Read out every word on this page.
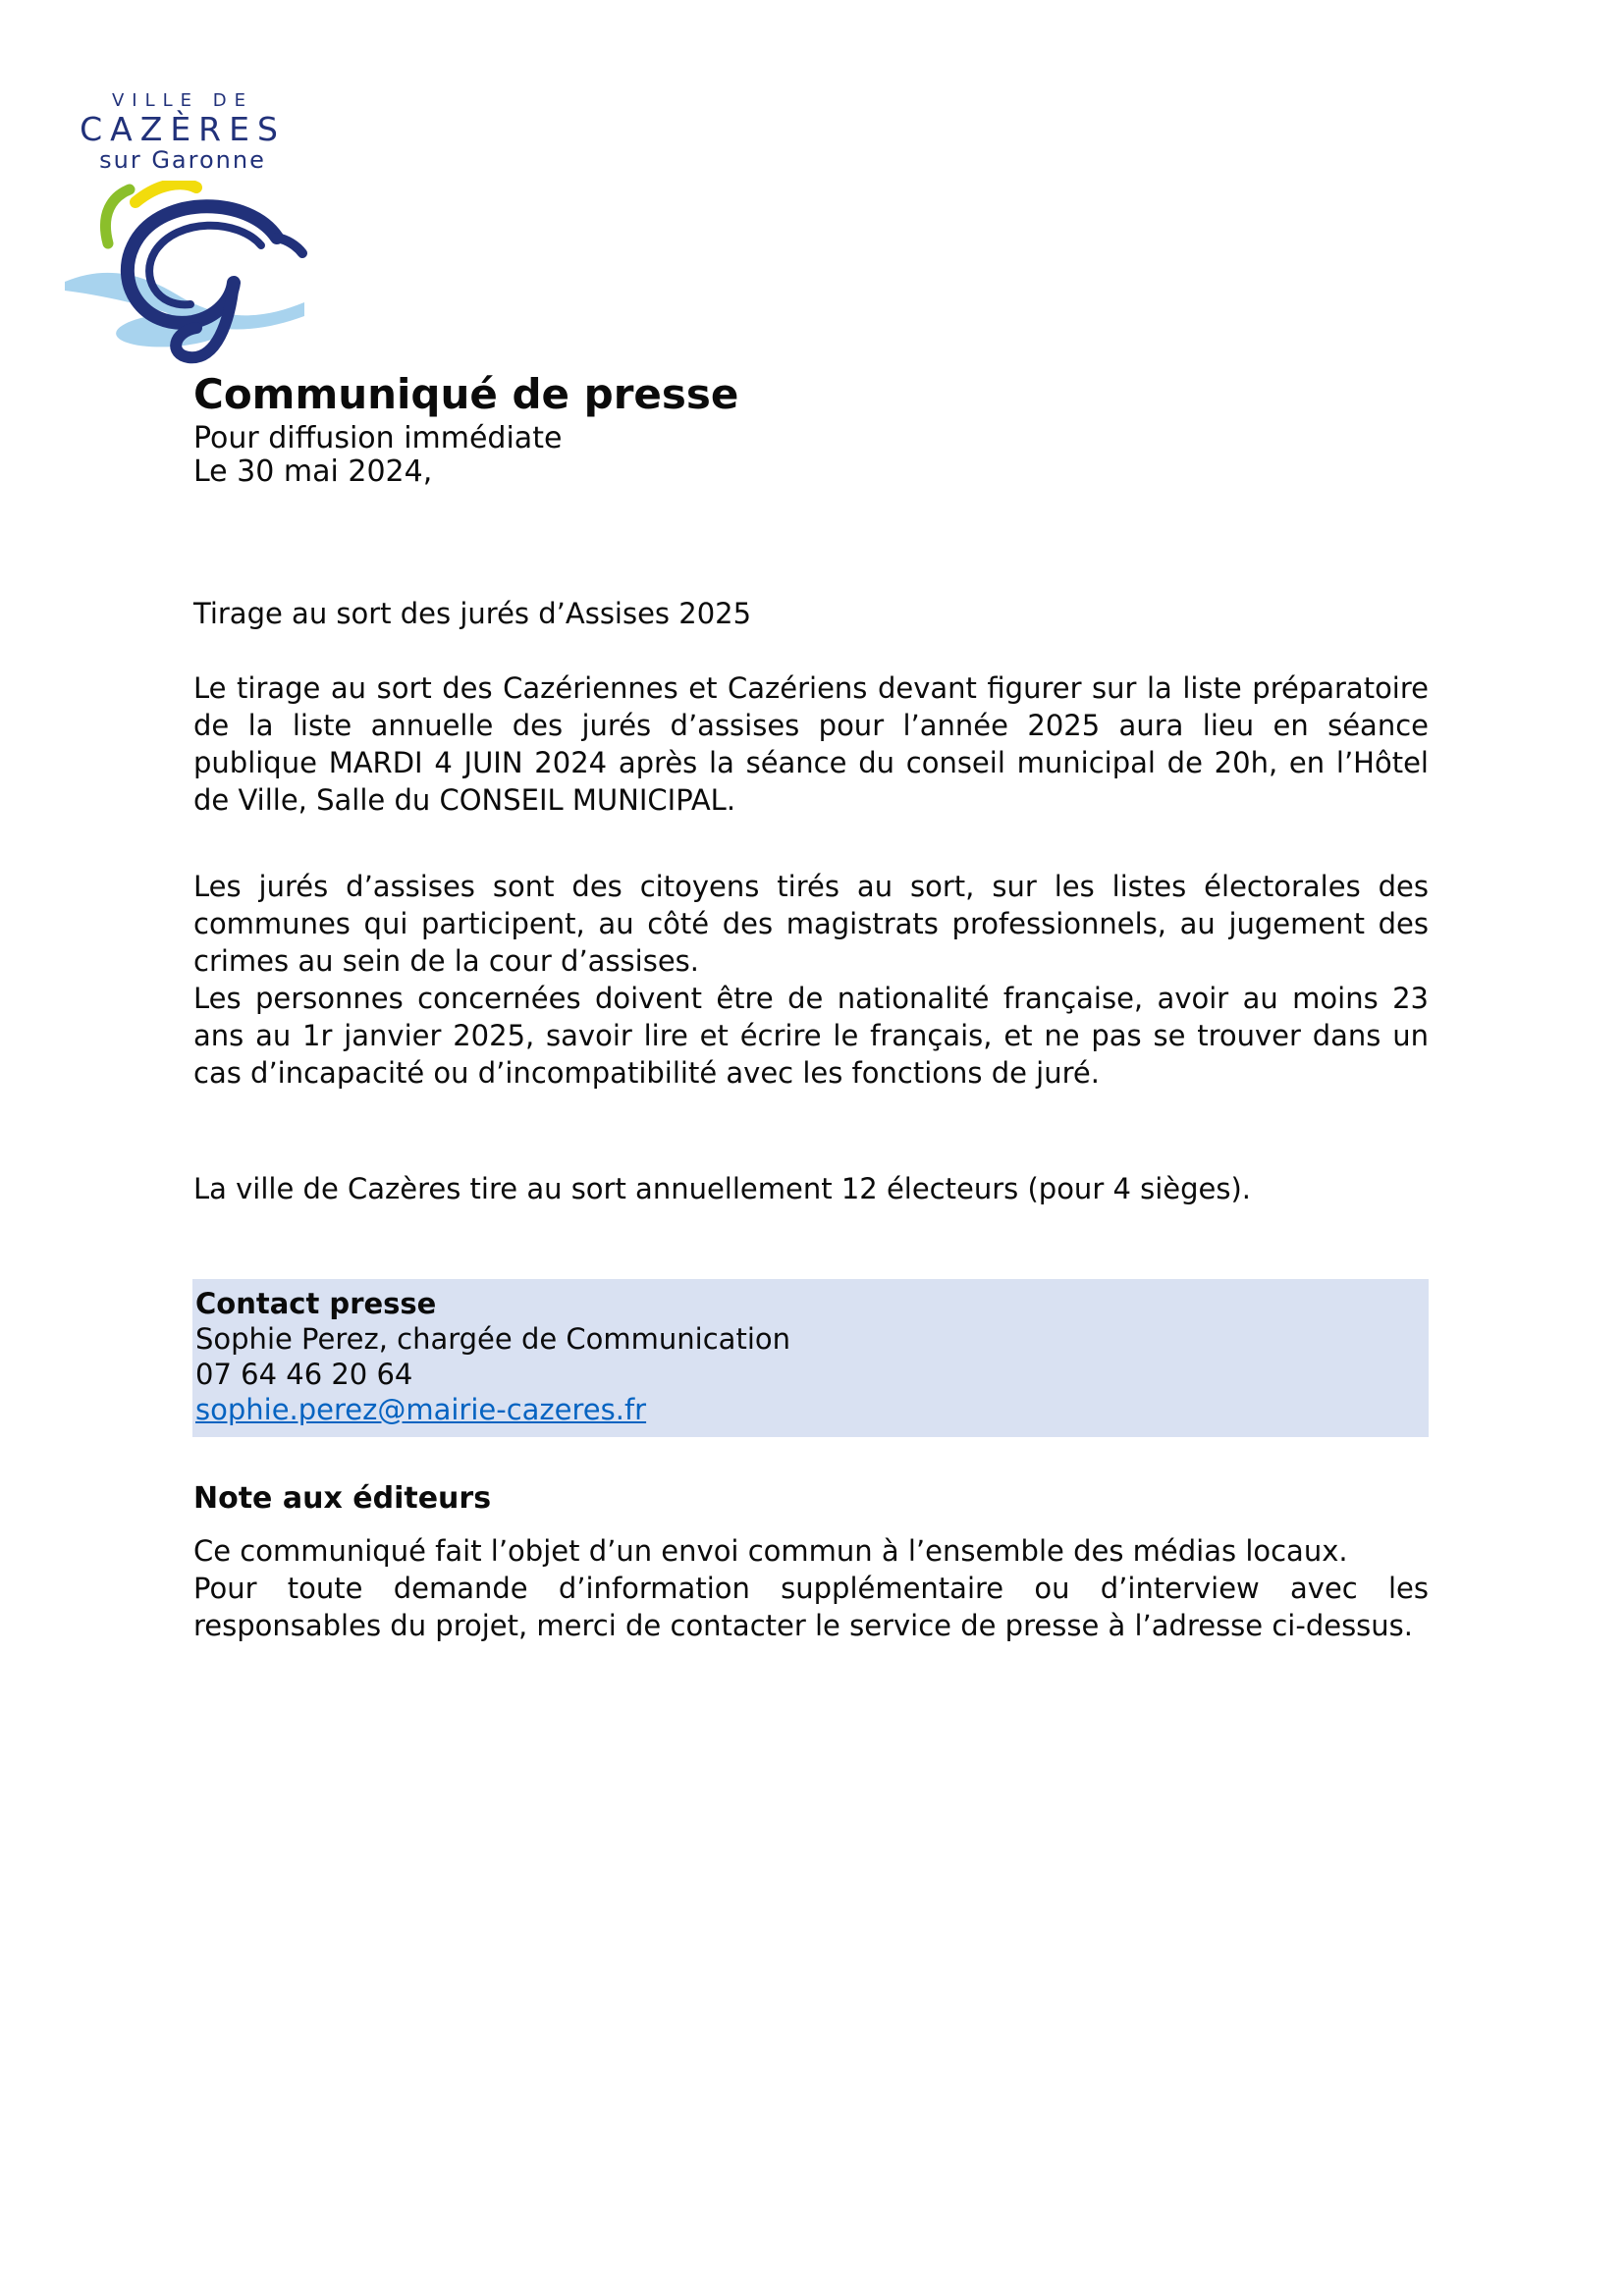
VILLE DE
CAZÈRES
sur Garonne
Communiqué de presse
Pour diffusion immédiate
Le 30 mai 2024,
Tirage au sort des jurés d’Assises 2025
Le tirage au sort des Cazériennes et Cazériens devant figurer sur la liste préparatoire de la liste annuelle des jurés d’assises pour l’année 2025 aura lieu en séance publique MARDI 4 JUIN 2024 après la séance du conseil municipal de 20h, en l’Hôtel de Ville, Salle du CONSEIL MUNICIPAL.
Les jurés d’assises sont des citoyens tirés au sort, sur les listes électorales des communes qui participent, au côté des magistrats professionnels, au jugement des crimes au sein de la cour d’assises.
Les personnes concernées doivent être de nationalité française, avoir au moins 23 ans au 1r janvier 2025, savoir lire et écrire le français, et ne pas se trouver dans un cas d’incapacité ou d’incompatibilité avec les fonctions de juré.
La ville de Cazères tire au sort annuellement 12 électeurs (pour 4 sièges).
Contact presse
Sophie Perez, chargée de Communication
07 64 46 20 64
sophie.perez@mairie-cazeres.fr
Note aux éditeurs
Ce communiqué fait l’objet d’un envoi commun à l’ensemble des médias locaux.
Pour toute demande d’information supplémentaire ou d’interview avec les responsables du projet, merci de contacter le service de presse à l’adresse ci-dessus.
